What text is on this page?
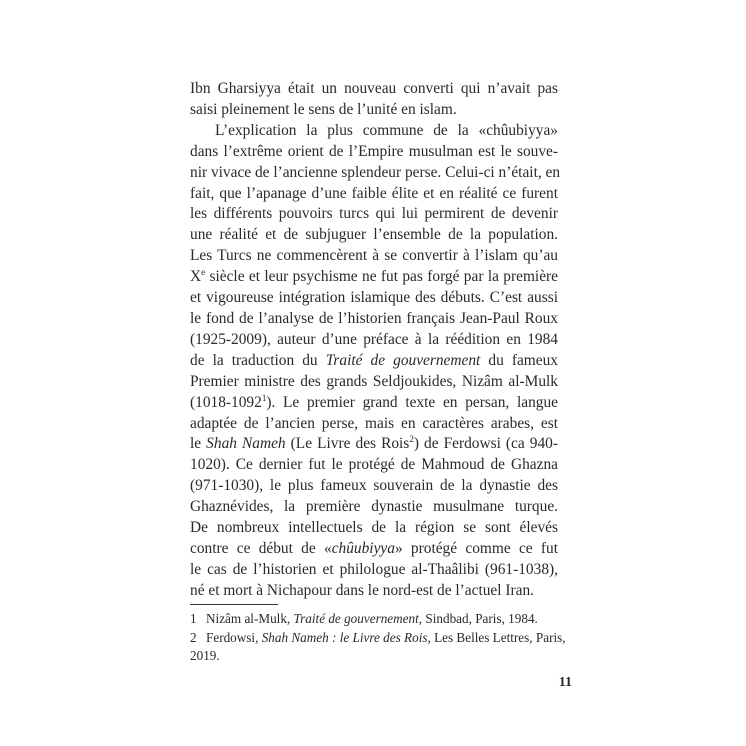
Ibn Gharsiyya était un nouveau converti qui n’avait pas
saisi pleinement le sens de l’unité en islam.
L’explication la plus commune de la «chûubiyya»
dans l’extrême orient de l’Empire musulman est le souve-
nir vivace de l’ancienne splendeur perse. Celui-ci n’était, en
fait, que l’apanage d’une faible élite et en réalité ce furent
les différents pouvoirs turcs qui lui permirent de devenir
une réalité et de subjuguer l’ensemble de la population.
Les Turcs ne commencèrent à se convertir à l’islam qu’au
Xe siècle et leur psychisme ne fut pas forgé par la première
et vigoureuse intégration islamique des débuts. C’est aussi
le fond de l’analyse de l’historien français Jean-Paul Roux
(1925-2009), auteur d’une préface à la réédition en 1984
de la traduction du Traité de gouvernement du fameux
Premier ministre des grands Seldjoukides, Nizâm al-Mulk
(1018-1092$^1$). Le premier grand texte en persan, langue
adaptée de l’ancien perse, mais en caractères arabes, est
le Shah Nameh (Le Livre des Rois$^2$) de Ferdowsi (ca 940-
1020). Ce dernier fut le protégé de Mahmoud de Ghazna
(971-1030), le plus fameux souverain de la dynastie des
Ghaznévides, la première dynastie musulmane turque.
De nombreux intellectuels de la région se sont élevés
contre ce début de «chûubiyya» protégé comme ce fut
le cas de l’historien et philologue al-Thaâlibi (961-1038),
né et mort à Nichapour dans le nord-est de l’actuel Iran.
1 Nizâm al-Mulk, Traité de gouvernement, Sindbad, Paris, 1984.
2 Ferdowsi, Shah Nameh : le Livre des Rois, Les Belles Lettres, Paris,
2019.
11
